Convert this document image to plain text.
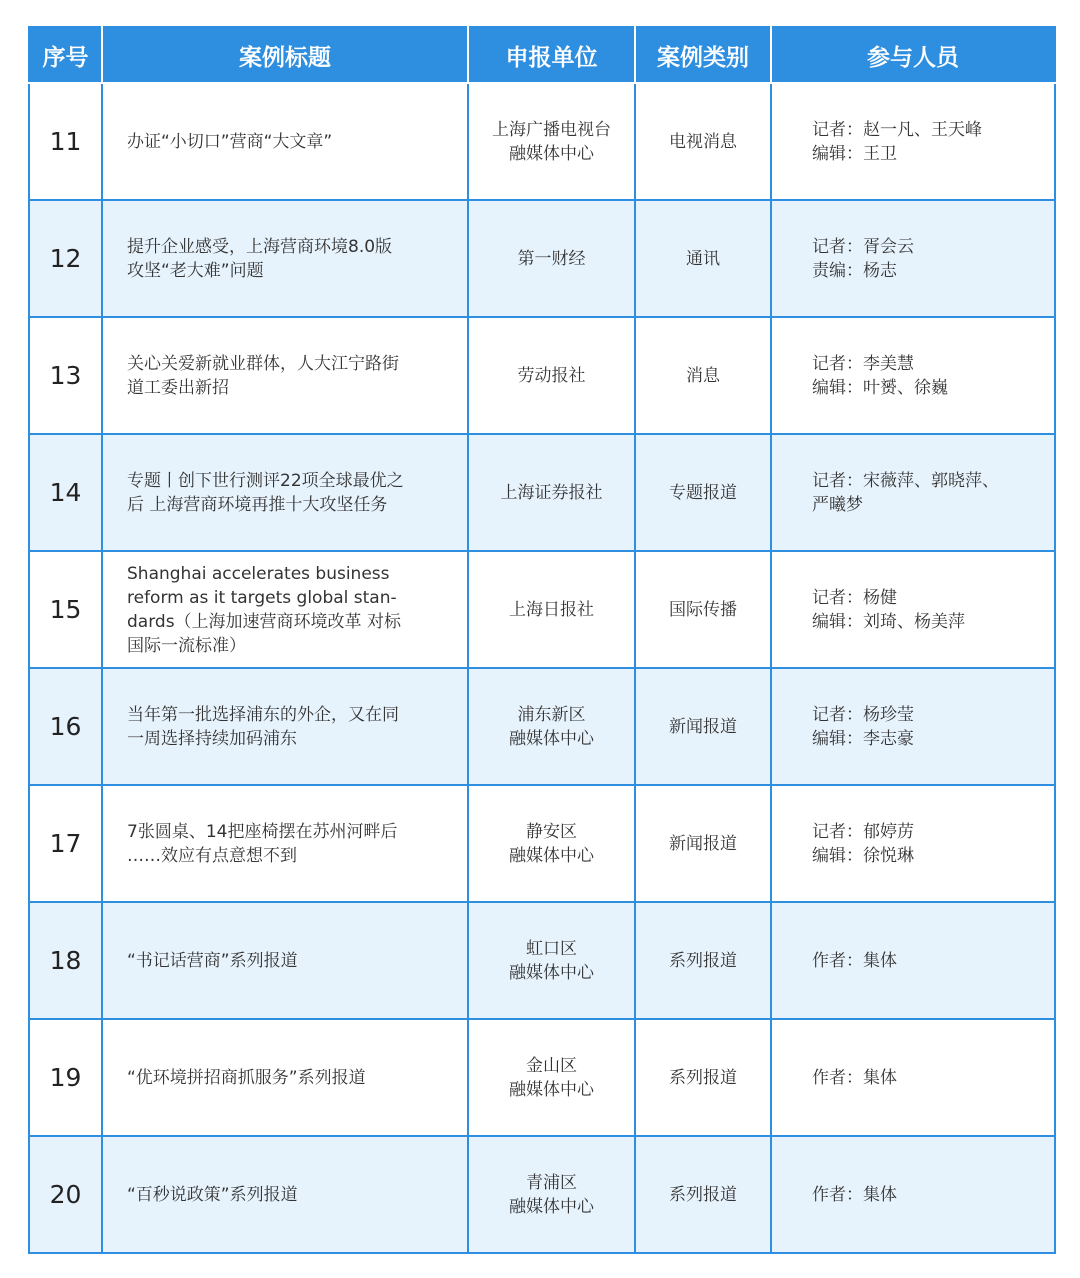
序号	案例标题	申报单位	案例类别	参与人员
11	办证“小切口”营商“大文章”	上海广播电视台
融媒体中心	电视消息	记者：赵一凡、王天峰
编辑：王卫

12	提升企业感受，上海营商环境8.0版
攻坚“老大难”问题	第一财经	通讯	记者：胥会云
责编：杨志

13	关心关爱新就业群体，人大江宁路街
道工委出新招	劳动报社	消息	记者：李美慧
编辑：叶赟、徐巍

14	专题丨创下世行测评22项全球最优之
后 上海营商环境再推十大攻坚任务	上海证券报社	专题报道	记者：宋薇萍、郭晓萍、
严曦梦

15	Shanghai accelerates business
reform as it targets global stan-
dards（上海加速营商环境改革 对标
国际一流标准）	上海日报社	国际传播	记者：杨健
编辑：刘琦、杨美萍

16	当年第一批选择浦东的外企，又在同
一周选择持续加码浦东	浦东新区
融媒体中心	新闻报道	记者：杨珍莹
编辑：李志豪

17	7张圆桌、14把座椅摆在苏州河畔后
……效应有点意想不到	静安区
融媒体中心	新闻报道	记者：郁婷苈
编辑：徐悦琳

18	“书记话营商”系列报道	虹口区
融媒体中心	系列报道	作者：集体

19	“优环境拼招商抓服务”系列报道	金山区
融媒体中心	系列报道	作者：集体

20	“百秒说政策”系列报道	青浦区
融媒体中心	系列报道	作者：集体
